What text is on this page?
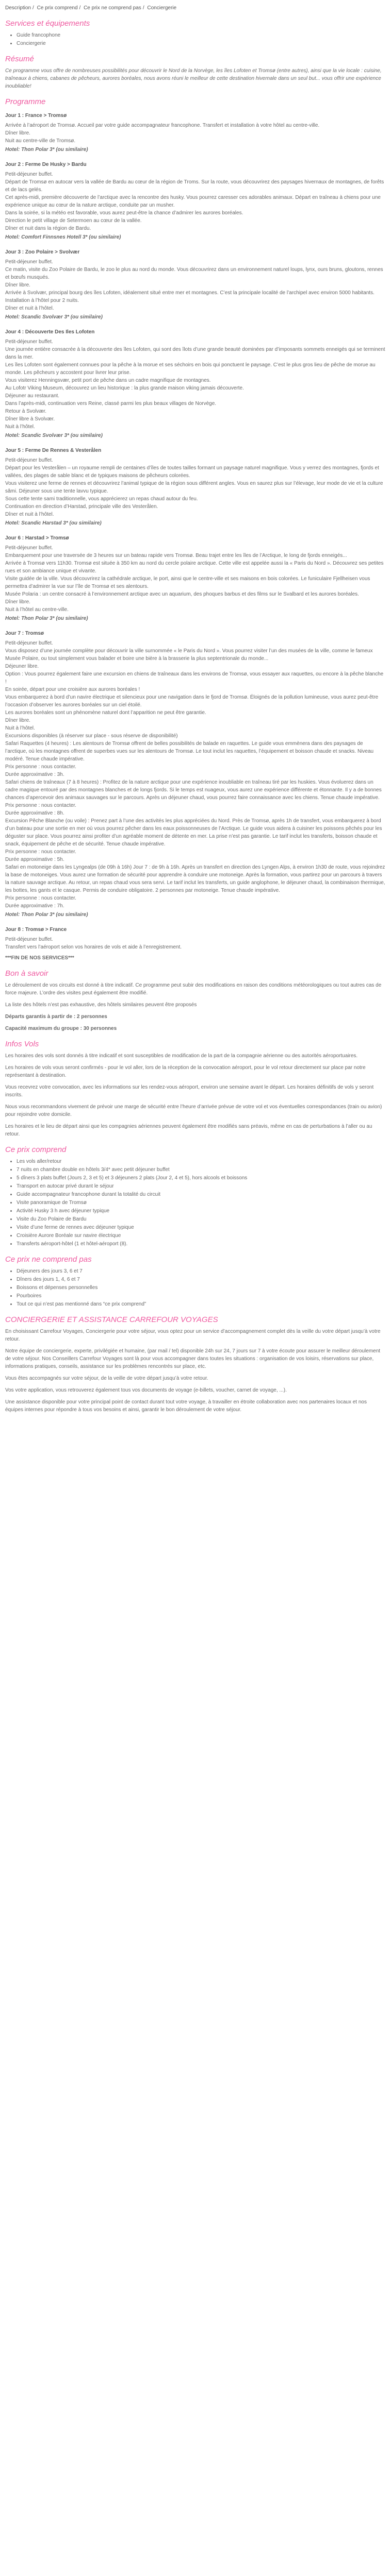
Description / Ce prix comprend / Ce prix ne comprend pas / Conciergerie
Services et équipements
• Guide francophone
• Conciergerie
Résumé

Ce programme vous offre de nombreuses possibilités pour découvrir le Nord de la Norvège, les îles Lofoten et Tromsø (entre autres), ainsi que la vie locale : cuisine, traîneaux à chiens, cabanes de pêcheurs, aurores boréales, nous avons réuni le meilleur de cette destination hivernale dans un seul but... vous offrir une expérience inoubliable!

Programme
Jour 1 : France > Tromsø
Arrivée à l’aéroport de Tromsø. Accueil par votre guide accompagnateur francophone. Transfert et installation à votre hôtel au centre-ville.
Dîner libre.
Nuit au centre-ville de Tromsø.
Hotel: Thon Polar 3* (ou similaire)
Jour 2 : Ferme De Husky > Bardu
Petit-déjeuner buffet.
Départ de Tromsø en autocar vers la vallée de Bardu au cœur de la région de Troms. Sur la route, vous découvrirez des paysages hivernaux de montagnes, de forêts et de lacs gelés.
Cet après-midi, première découverte de l’arctique avec la rencontre des husky. Vous pourrez caresser ces adorables animaux. Départ en traîneau à chiens pour une expérience unique au cœur de la nature arctique, conduite par un musher.
Dans la soirée, si la météo est favorable, vous aurez peut-être la chance d’admirer les aurores boréales.
Direction le petit village de Setermoen au cœur de la vallée.
Dîner et nuit dans la région de Bardu.
Hotel: Comfort Finnsnes Hotell 3* (ou similaire)
Jour 3 : Zoo Polaire > Svolvær
Petit-déjeuner buffet.
Ce matin, visite du Zoo Polaire de Bardu, le zoo le plus au nord du monde. Vous découvrirez dans un environnement naturel loups, lynx, ours bruns, gloutons, rennes et bœufs musqués.
Dîner libre.
Arrivée à Svolvær, principal bourg des îles Lofoten, idéalement situé entre mer et montagnes. C’est la principale localité de l’archipel avec environ 5000 habitants.
Installation à l’hôtel pour 2 nuits.
Dîner et nuit à l’hôtel.
Hotel: Scandic Svolvær 3* (ou similaire)
Jour 4 : Découverte Des Iles Lofoten
Petit-déjeuner buffet.
Une journée entière consacrée à la découverte des îles Lofoten, qui sont des îlots d’une grande beauté dominées par d’imposants sommets enneigés qui se terminent dans la mer.
Les îles Lofoten sont également connues pour la pêche à la morue et ses séchoirs en bois qui ponctuent le paysage. C’est le plus gros lieu de pêche de morue au monde. Les pêcheurs y accostent pour livrer leur prise.
Vous visiterez Henningsvær, petit port de pêche dans un cadre magnifique de montagnes.
Au Lofotr Viking Museum, découvrez un lieu historique : la plus grande maison viking jamais découverte.
Déjeuner au restaurant.
Dans l’après-midi, continuation vers Reine, classé parmi les plus beaux villages de Norvège.
Retour à Svolvær.
Dîner libre à Svolvær.
Nuit à l’hôtel.
Hotel: Scandic Svolvær 3* (ou similaire)
Jour 5 : Ferme De Rennes & Vesterålen
Petit-déjeuner buffet.
Départ pour les Vesterålen – un royaume rempli de centaines d’îles de toutes tailles formant un paysage naturel magnifique. Vous y verrez des montagnes, fjords et vallées, des plages de sable blanc et de typiques maisons de pêcheurs colorées.
Vous visiterez une ferme de rennes et découvrirez l’animal typique de la région sous différent angles. Vous en saurez plus sur l’élevage, leur mode de vie et la culture sâmi. Déjeuner sous une tente lavvu typique.
Sous cette tente sami traditionnelle, vous apprécierez un repas chaud autour du feu.
Continuation en direction d’Harstad, principale ville des Vesterålen.
Dîner et nuit à l’hôtel.
Hotel: Scandic Harstad 3* (ou similaire)
Jour 6 : Harstad > Tromsø
Petit-déjeuner buffet.
Embarquement pour une traversée de 3 heures sur un bateau rapide vers Tromsø. Beau trajet entre les îles de l’Arctique, le long de fjords enneigés...
Arrivée à Tromsø vers 11h30. Tromsø est située à 350 km au nord du cercle polaire arctique. Cette ville est appelée aussi la « Paris du Nord ». Découvrez ses petites rues et son ambiance unique et vivante.
Visite guidée de la ville. Vous découvrirez la cathédrale arctique, le port, ainsi que le centre-ville et ses maisons en bois colorées. Le funiculaire Fjellheisen vous permettra d’admirer la vue sur l’île de Tromsø et ses alentours.
Musée Polaria : un centre consacré à l’environnement arctique avec un aquarium, des phoques barbus et des films sur le Svalbard et les aurores boréales.
Dîner libre.
Nuit à l’hôtel au centre-ville.
Hotel: Thon Polar 3* (ou similaire)
Jour 7 : Tromsø
Petit-déjeuner buffet.
Vous disposez d’une journée complète pour découvrir la ville surnommée « le Paris du Nord ». Vous pourrez visiter l’un des musées de la ville, comme le fameux Musée Polaire, ou tout simplement vous balader et boire une bière à la brasserie la plus septentrionale du monde...
Déjeuner libre.
Option : Vous pourrez également faire une excursion en chiens de traîneaux dans les environs de Tromsø, vous essayer aux raquettes, ou encore à la pêche blanche !
En soirée, départ pour une croisière aux aurores boréales !
Vous embarquerez à bord d’un navire électrique et silencieux pour une navigation dans le fjord de Tromsø. Éloignés de la pollution lumineuse, vous aurez peut-être l’occasion d’observer les aurores boréales sur un ciel étoilé.
Les aurores boréales sont un phénomène naturel dont l’apparition ne peut être garantie.
Dîner libre.
Nuit à l’hôtel.
Excursions disponibles (à réserver sur place - sous réserve de disponibilité)
Safari Raquettes (4 heures) : Les alentours de Tromsø offrent de belles possibilités de balade en raquettes. Le guide vous emmènera dans des paysages de l’arctique, où les montagnes offrent de superbes vues sur les alentours de Tromsø. Le tout inclut les raquettes, l’équipement et boisson chaude et snacks. Niveau modéré. Tenue chaude impérative.
Prix personne : nous contacter.
Durée approximative : 3h.
Safari chiens de traîneaux (7 à 8 heures) : Profitez de la nature arctique pour une expérience inoubliable en traîneau tiré par les huskies. Vous évoluerez dans un cadre magique entouré par des montagnes blanches et de longs fjords. Si le temps est nuageux, vous aurez une expérience différente et étonnante. Il y a de bonnes chances d’apercevoir des animaux sauvages sur le parcours. Après un déjeuner chaud, vous pourrez faire connaissance avec les chiens. Tenue chaude impérative.
Prix personne : nous contacter.
Durée approximative : 8h.
Excursion Pêche Blanche (ou voile) : Prenez part à l’une des activités les plus appréciées du Nord. Près de Tromsø, après 1h de transfert, vous embarquerez à bord d’un bateau pour une sortie en mer où vous pourrez pêcher dans les eaux poissonneuses de l’Arctique. Le guide vous aidera à cuisiner les poissons pêchés pour les déguster sur place. Vous pourrez ainsi profiter d’un agréable moment de détente en mer. La prise n’est pas garantie. Le tarif inclut les transferts, boisson chaude et snack, équipement de pêche et de sécurité. Tenue chaude impérative.
Prix personne : nous contacter.
Durée approximative : 5h.
Safari en motoneige dans les Lyngealps (de 09h à 16h) Jour 7 : de 9h à 16h. Après un transfert en direction des Lyngen Alps, à environ 1h30 de route, vous rejoindrez la base de motoneiges. Vous aurez une formation de sécurité pour apprendre à conduire une motoneige. Après la formation, vous partirez pour un parcours à travers la nature sauvage arctique. Au retour, un repas chaud vous sera servi. Le tarif inclut les transferts, un guide anglophone, le déjeuner chaud, la combinaison thermique, les bottes, les gants et le casque. Permis de conduire obligatoire. 2 personnes par motoneige. Tenue chaude impérative.
Prix personne : nous contacter.
Durée approximative : 7h.
Hotel: Thon Polar 3* (ou similaire)
Jour 8 : Tromsø > France
Petit-déjeuner buffet.
Transfert vers l’aéroport selon vos horaires de vols et aide à l’enregistrement.

***FIN DE NOS SERVICES***

Bon à savoir

Le déroulement de vos circuits est donné à titre indicatif. Ce programme peut subir des modifications en raison des conditions météorologiques ou tout autres cas de force majeure. L’ordre des visites peut également être modifié.

La liste des hôtels n’est pas exhaustive, des hôtels similaires peuvent être proposés

Départs garantis à partir de : 2 personnes

Capacité maximum du groupe : 30 personnes

Infos Vols

Les horaires des vols sont donnés à titre indicatif et sont susceptibles de modification de la part de la compagnie aérienne ou des autorités aéroportuaires.

Les horaires de vols vous seront confirmés - pour le vol aller, lors de la réception de la convocation aéroport, pour le vol retour directement sur place par notre représentant à destination.

Vous recevrez votre convocation, avec les informations sur les rendez-vous aéroport, environ une semaine avant le départ. Les horaires définitifs de vols y seront inscrits.

Nous vous recommandons vivement de prévoir une marge de sécurité entre l’heure d’arrivée prévue de votre vol et vos éventuelles correspondances (train ou avion) pour rejoindre votre domicile.

Les horaires et le lieu de départ ainsi que les compagnies aériennes peuvent également être modifiés sans préavis, même en cas de perturbations à l’aller ou au retour.

Ce prix comprend
• Les vols aller/retour
• 7 nuits en chambre double en hôtels 3/4* avec petit déjeuner buffet
• 5 dîners 3 plats buffet (Jours 2, 3 et 5) et 3 déjeuners 2 plats (Jour 2, 4 et 5), hors alcools et boissons
• Transport en autocar privé durant le séjour
• Guide accompagnateur francophone durant la totalité du circuit
• Visite panoramique de Tromsø
• Activité Husky 3 h avec déjeuner typique
• Visite du Zoo Polaire de Bardu
• Visite d’une ferme de rennes avec déjeuner typique
• Croisière Aurore Boréale sur navire électrique
• Transferts aéroport-hôtel (1 et hôtel-aéroport (8).
Ce prix ne comprend pas
• Déjeuners des jours 3, 6 et 7
• Dîners des jours 1, 4, 6 et 7
• Boissons et dépenses personnelles
• Pourboires
• Tout ce qui n’est pas mentionné dans “ce prix comprend”
CONCIERGERIE ET ASSISTANCE CARREFOUR VOYAGES

En choisissant Carrefour Voyages, Conciergerie pour votre séjour, vous optez pour un service d’accompagnement complet dès la veille du votre départ jusqu’à votre retour.

Notre équipe de conciergerie, experte, privilégiée et humaine, (par mail / tel) disponible 24h sur 24, 7 jours sur 7 à votre écoute pour assurer le meilleur déroulement de votre séjour. Nos Conseillers Carrefour Voyages sont là pour vous accompagner dans toutes les situations : organisation de vos loisirs, réservations sur place, informations pratiques, conseils, assistance sur les problèmes rencontrés sur place, etc.

Vous êtes accompagnés sur votre séjour, de la veille de votre départ jusqu’à votre retour.

Vos votre application, vous retrouverez également tous vos documents de voyage (e-billets, voucher, carnet de voyage, ...).

Une assistance disponible pour votre principal point de contact durant tout votre voyage, à travailler en étroite collaboration avec nos partenaires locaux et nos équipes internes pour répondre à tous vos besoins et ainsi, garantir le bon déroulement de votre séjour.
